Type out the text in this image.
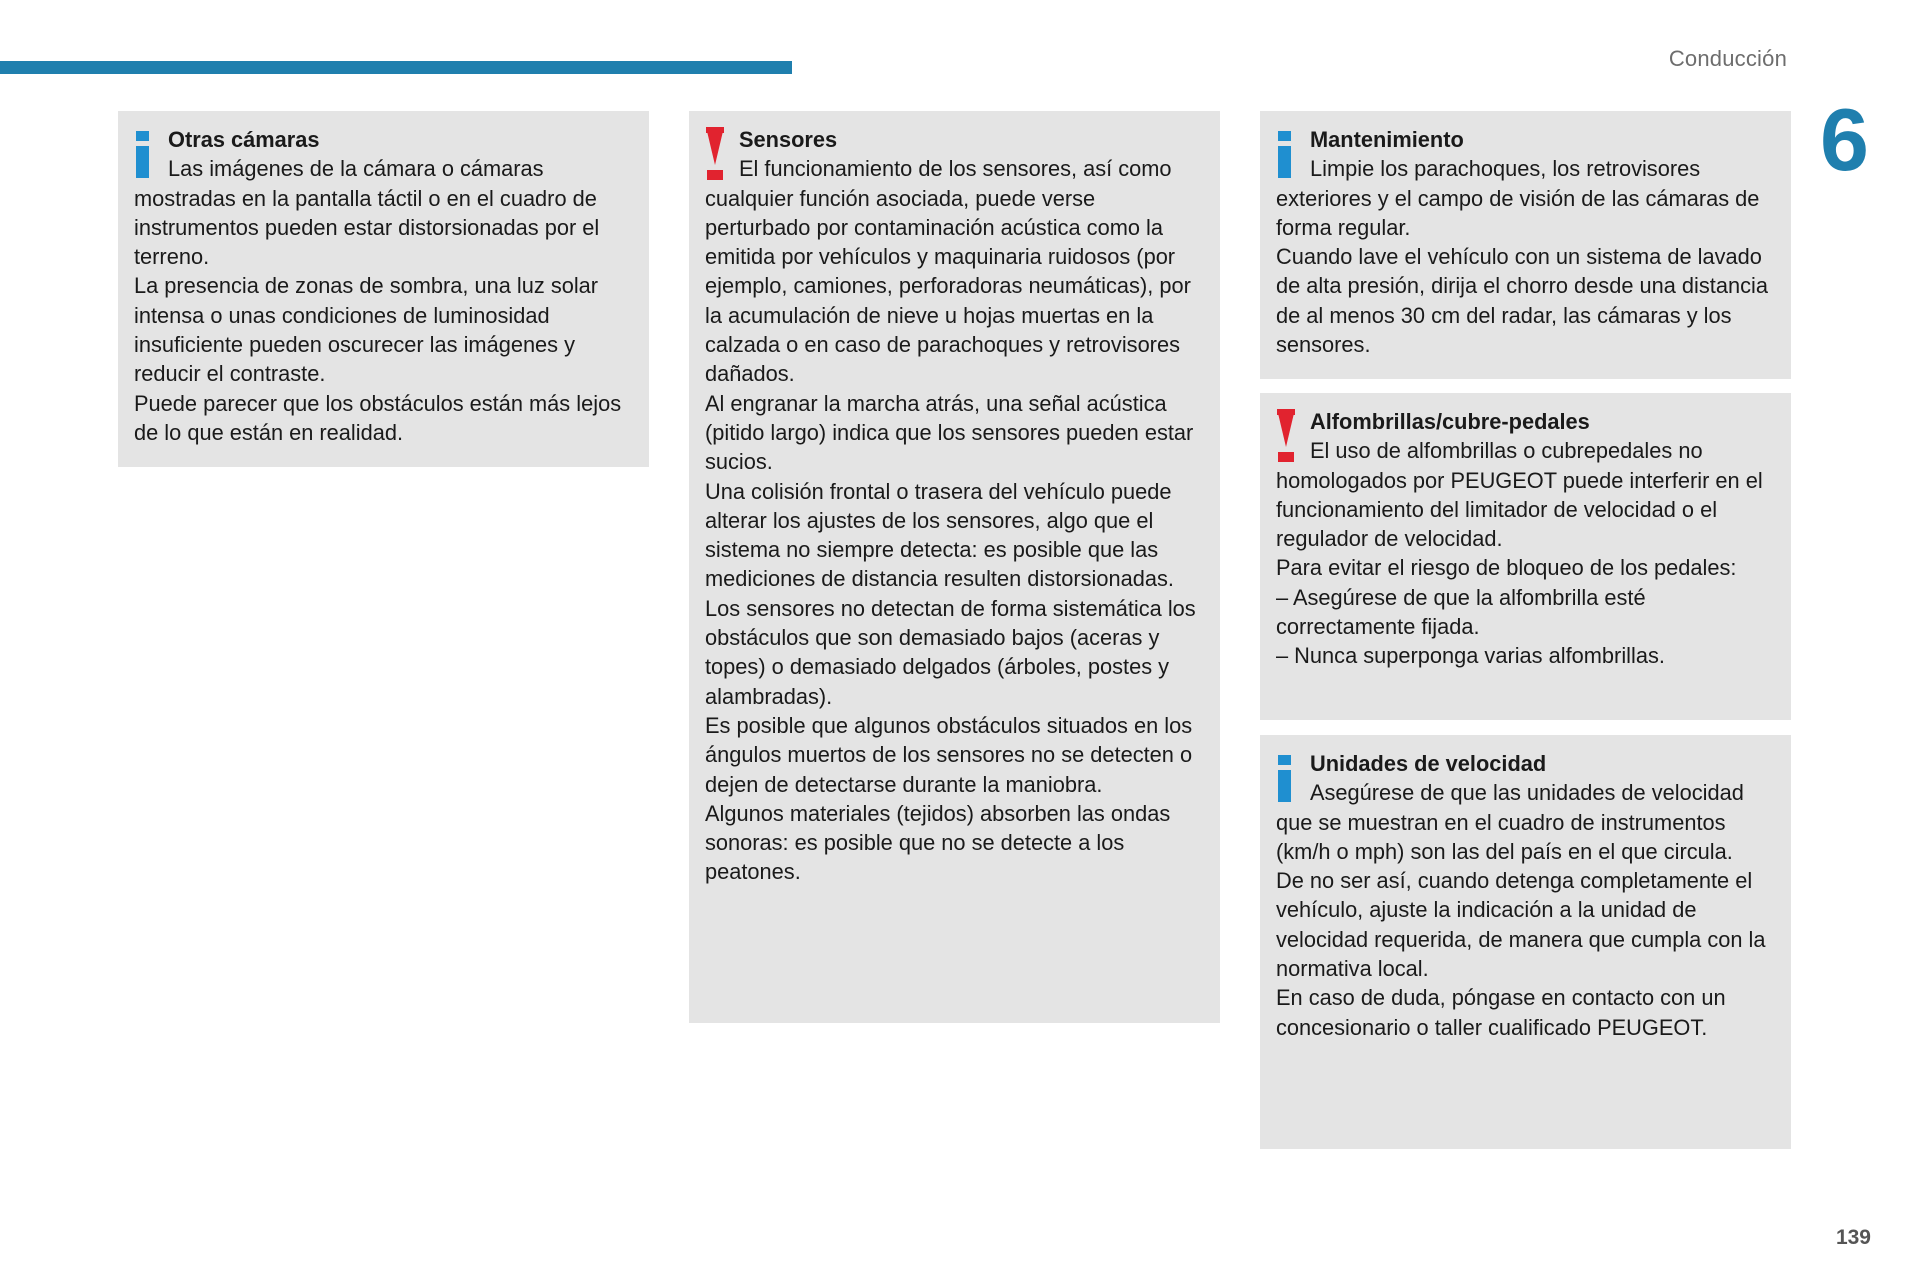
Conducción
6
Otras cámaras

Las imágenes de la cámara o cámaras mostradas en la pantalla táctil o en el cuadro de instrumentos pueden estar distorsionadas por el terreno.

La presencia de zonas de sombra, una luz solar intensa o unas condiciones de luminosidad insuficiente pueden oscurecer las imágenes y reducir el contraste.

Puede parecer que los obstáculos están más lejos de lo que están en realidad.

Sensores

El funcionamiento de los sensores, así como cualquier función asociada, puede verse perturbado por contaminación acústica como la emitida por vehículos y maquinaria ruidosos (por ejemplo, camiones, perforadoras neumáticas), por la acumulación de nieve u hojas muertas en la calzada o en caso de parachoques y retrovisores dañados.

Al engranar la marcha atrás, una señal acústica (pitido largo) indica que los sensores pueden estar sucios.

Una colisión frontal o trasera del vehículo puede alterar los ajustes de los sensores, algo que el sistema no siempre detecta: es posible que las mediciones de distancia resulten distorsionadas.

Los sensores no detectan de forma sistemática los obstáculos que son demasiado bajos (aceras y topes) o demasiado delgados (árboles, postes y alambradas).

Es posible que algunos obstáculos situados en los ángulos muertos de los sensores no se detecten o dejen de detectarse durante la maniobra.

Algunos materiales (tejidos) absorben las ondas sonoras: es posible que no se detecte a los peatones.

Mantenimiento

Limpie los parachoques, los retrovisores exteriores y el campo de visión de las cámaras de forma regular.

Cuando lave el vehículo con un sistema de lavado de alta presión, dirija el chorro desde una distancia de al menos 30 cm del radar, las cámaras y los sensores.

Alfombrillas/cubre-pedales

El uso de alfombrillas o cubrepedales no homologados por PEUGEOT puede interferir en el funcionamiento del limitador de velocidad o el regulador de velocidad.

Para evitar el riesgo de bloqueo de los pedales:

– Asegúrese de que la alfombrilla esté correctamente fijada.

– Nunca superponga varias alfombrillas.

Unidades de velocidad

Asegúrese de que las unidades de velocidad que se muestran en el cuadro de instrumentos (km/h o mph) son las del país en el que circula.

De no ser así, cuando detenga completamente el vehículo, ajuste la indicación a la unidad de velocidad requerida, de manera que cumpla con la normativa local.

En caso de duda, póngase en contacto con un concesionario o taller cualificado PEUGEOT.

139
